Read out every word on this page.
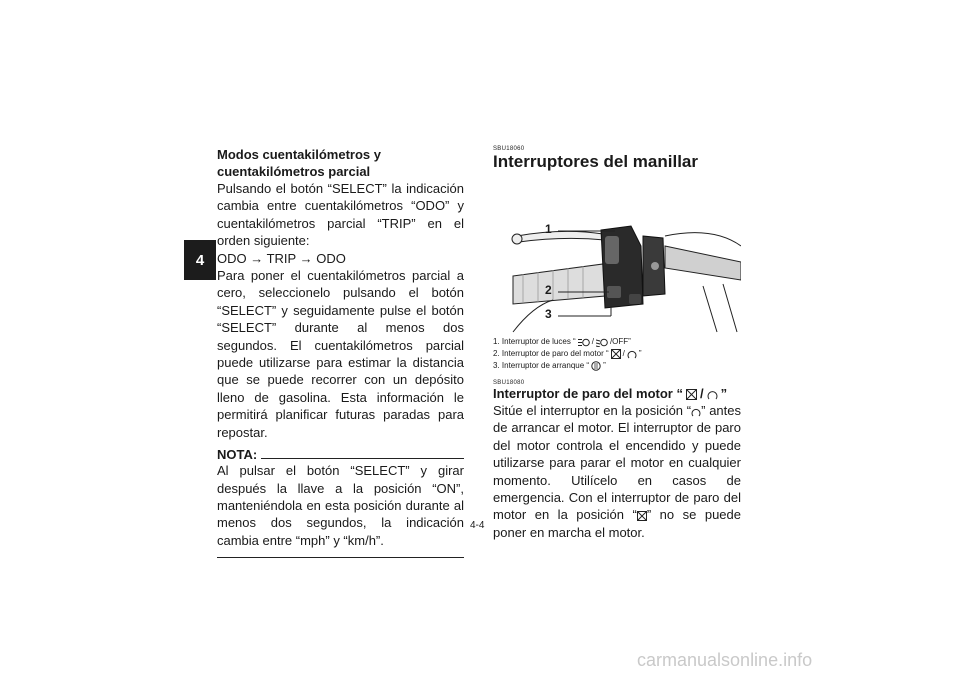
4
Modos cuentakilómetros y cuentakilómetros parcial

Pulsando el botón “SELECT” la indicación cambia entre cuentakilómetros “ODO” y cuentakilómetros parcial “TRIP” en el orden siguiente:

ODO → TRIP → ODO

Para poner el cuentakilómetros parcial a cero, seleccionelo pulsando el botón “SELECT” y seguidamente pulse el botón “SELECT” durante al menos dos segundos. El cuentakilómetros parcial puede utilizarse para estimar la distancia que se puede recorrer con un depósito lleno de gasolina. Esta información le permitirá planificar futuras paradas para repostar.

NOTA:

Al pulsar el botón “SELECT” y girar después la llave a la posición “ON”, manteniéndola en esta posición durante al menos dos segundos, la indicación cambia entre “mph” y “km/h”.

SBU18060
Interruptores del manillar
1
2
3
1. Interruptor de luces “ / /OFF”
2. Interruptor de paro del motor “ / ”
3. Interruptor de arranque “ ”
SBU18080
Interruptor de paro del motor “ / ”

Sitúe el interruptor en la posición “ ” antes de arrancar el motor. El interruptor de paro del motor controla el encendido y puede utilizarse para parar el motor en cualquier momento. Utilícelo en casos de emergencia. Con el interruptor de paro del motor en la posición “ ” no se puede poner en marcha el motor.

4-4
carmanualsonline.info
